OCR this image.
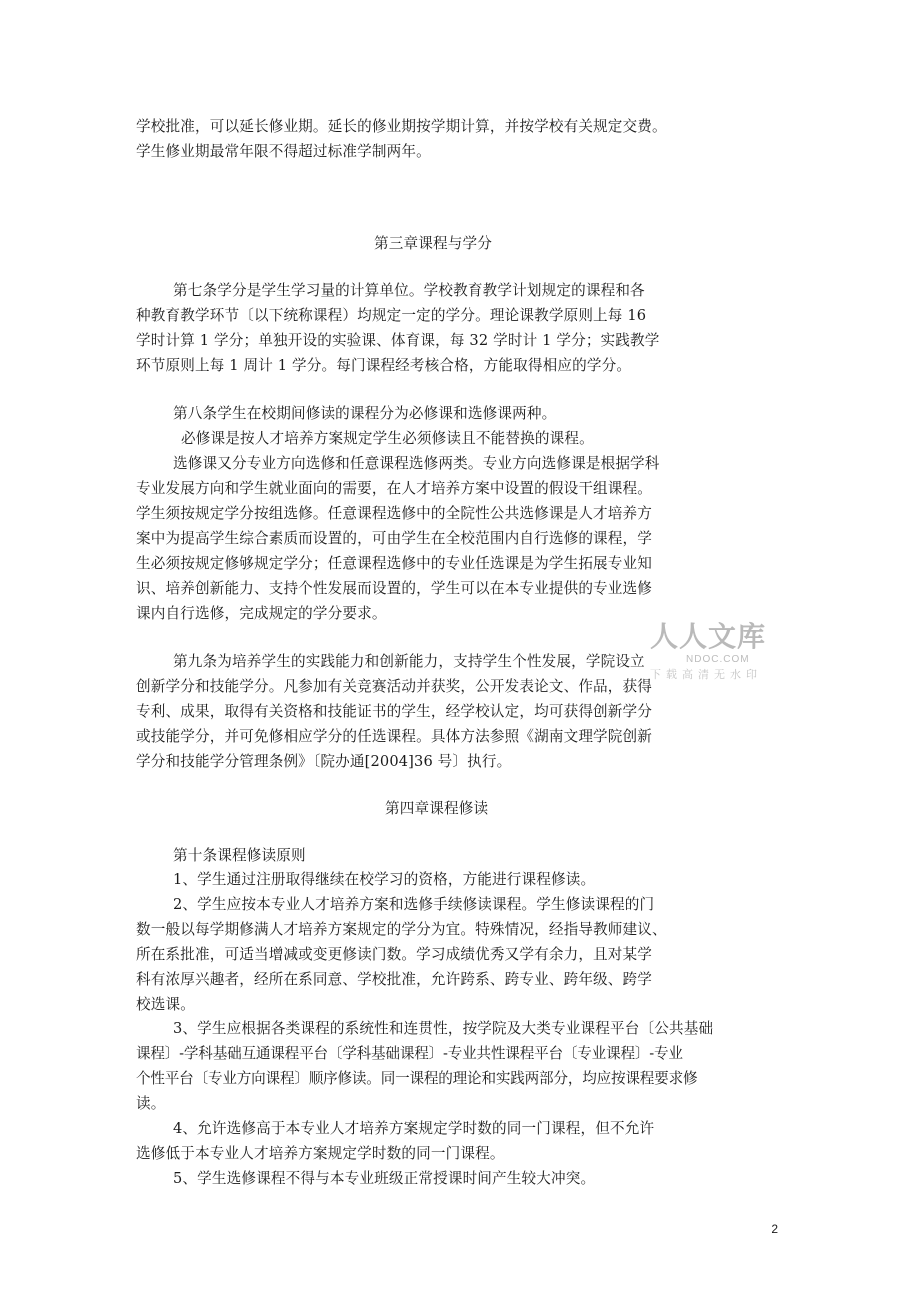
学校批准，可以延长修业期。延长的修业期按学期计算，并按学校有关规定交费。
学生修业期最常年限不得超过标准学制两年。
第三章课程与学分
第七条学分是学生学习量的计算单位。学校教育教学计划规定的课程和各
种教育教学环节〔以下统称课程）均规定一定的学分。理论课教学原则上每 16
学时计算 1 学分；单独开设的实验课、体育课，每 32 学时计 1 学分；实践教学
环节原则上每 1 周计 1 学分。每门课程经考核合格，方能取得相应的学分。
第八条学生在校期间修读的课程分为必修课和选修课两种。
必修课是按人才培养方案规定学生必须修读且不能替换的课程。
选修课又分专业方向选修和任意课程选修两类。专业方向选修课是根据学科
专业发展方向和学生就业面向的需要，在人才培养方案中设置的假设干组课程。
学生须按规定学分按组选修。任意课程选修中的全院性公共选修课是人才培养方
案中为提高学生综合素质而设置的，可由学生在全校范围内自行选修的课程，学
生必须按规定修够规定学分；任意课程选修中的专业任选课是为学生拓展专业知
识、培养创新能力、支持个性发展而设置的，学生可以在本专业提供的专业选修
课内自行选修，完成规定的学分要求。
第九条为培养学生的实践能力和创新能力，支持学生个性发展，学院设立
创新学分和技能学分。凡参加有关竞赛活动并获奖，公开发表论文、作品，获得
专利、成果，取得有关资格和技能证书的学生，经学校认定，均可获得创新学分
或技能学分，并可免修相应学分的任选课程。具体方法参照《湖南文理学院创新
学分和技能学分管理条例》〔院办通[2004]36 号〕执行。
第四章课程修读
第十条课程修读原则
1、学生通过注册取得继续在校学习的资格，方能进行课程修读。
2、学生应按本专业人才培养方案和选修手续修读课程。学生修读课程的门
数一般以每学期修满人才培养方案规定的学分为宜。特殊情况，经指导教师建议、
所在系批准，可适当增减或变更修读门数。学习成绩优秀又学有余力，且对某学
科有浓厚兴趣者，经所在系同意、学校批准，允许跨系、跨专业、跨年级、跨学
校选课。
3、学生应根据各类课程的系统性和连贯性，按学院及大类专业课程平台〔公共基础
课程〕-学科基础互通课程平台〔学科基础课程〕-专业共性课程平台〔专业课程〕-专业
个性平台〔专业方向课程〕顺序修读。同一课程的理论和实践两部分，均应按课程要求修
读。
4、允许选修高于本专业人才培养方案规定学时数的同一门课程，但不允许
选修低于本专业人才培养方案规定学时数的同一门课程。
5、学生选修课程不得与本专业班级正常授课时间产生较大冲突。
2
人人文库
NDOC.COM
下载高清无水印
